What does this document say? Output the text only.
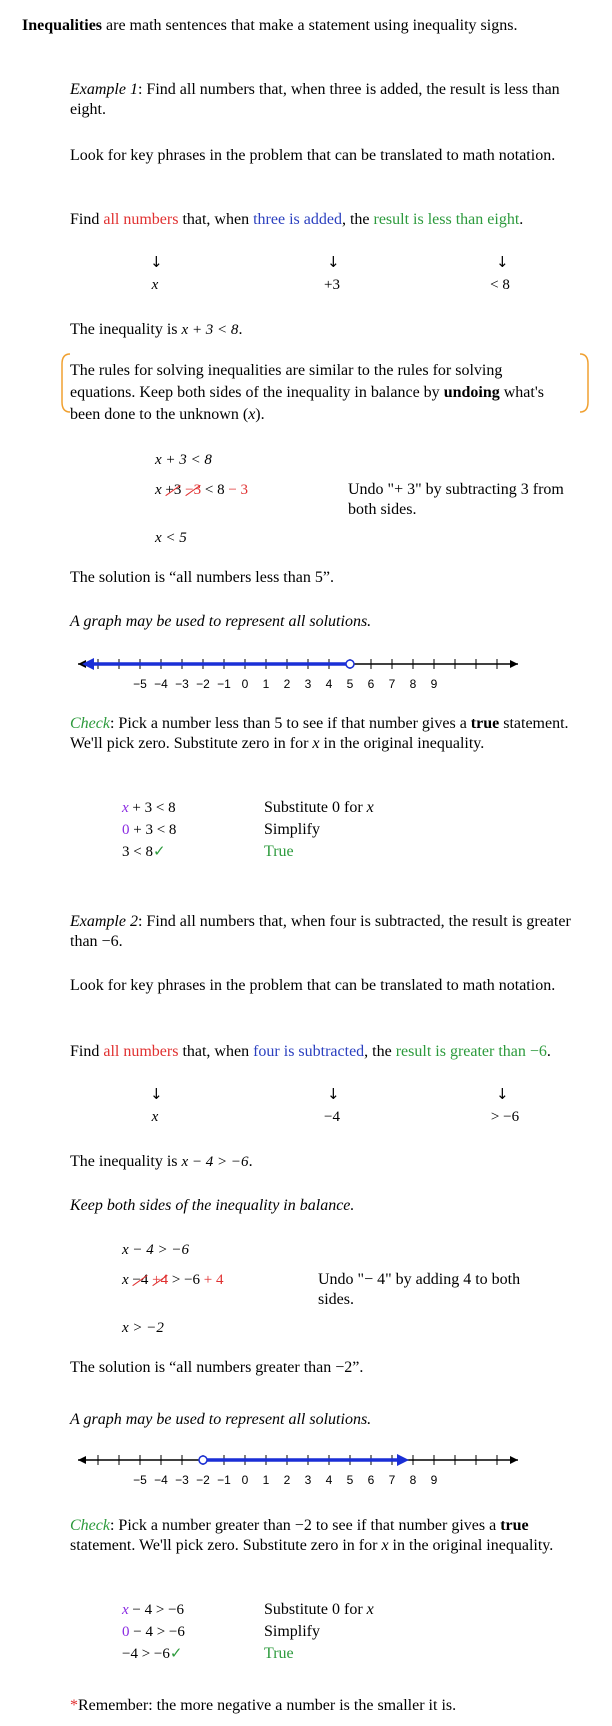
Inequalities are math sentences that make a statement using inequality signs.

Example 1: Find all numbers that, when three is added, the result is less than eight.

Look for key phrases in the problem that can be translated to math notation.

Find all numbers that, when three is added, the result is less than eight.

↓	↓	↓
x	+3	< 8

The inequality is x + 3 < 8.

The rules for solving inequalities are similar to the rules for solving equations. Keep both sides of the inequality in balance by undoing what's been done to the unknown (x).

x + 3 < 8

x +3 −3 < 8 − 3	Undo "+ 3" by subtracting 3 from both sides.

x < 5

The solution is “all numbers less than 5”.

A graph may be used to represent all solutions.

−5 −4 −3 −2 −1 0 1 2 3 4 5 6 7 8 9

Check: Pick a number less than 5 to see if that number gives a true statement. We'll pick zero. Substitute zero in for x in the original inequality.

x + 3 < 8	Substitute 0 for x

0 + 3 < 8	Simplify

3 < 8✓	True

Example 2: Find all numbers that, when four is subtracted, the result is greater than −6.

Look for key phrases in the problem that can be translated to math notation.

Find all numbers that, when four is subtracted, the result is greater than −6.

↓	↓	↓
x	−4	> −6

The inequality is x − 4 > −6.

Keep both sides of the inequality in balance.

x − 4 > −6

x −4 +4 > −6 + 4	Undo "− 4" by adding 4 to both sides.

x > −2

The solution is “all numbers greater than −2”.

A graph may be used to represent all solutions.

−5 −4 −3 −2 −1 0 1 2 3 4 5 6 7 8 9

Check: Pick a number greater than −2 to see if that number gives a true statement. We'll pick zero. Substitute zero in for x in the original inequality.

x − 4 > −6	Substitute 0 for x

0 − 4 > −6	Simplify

−4 > −6✓	True

*Remember: the more negative a number is the smaller it is.
